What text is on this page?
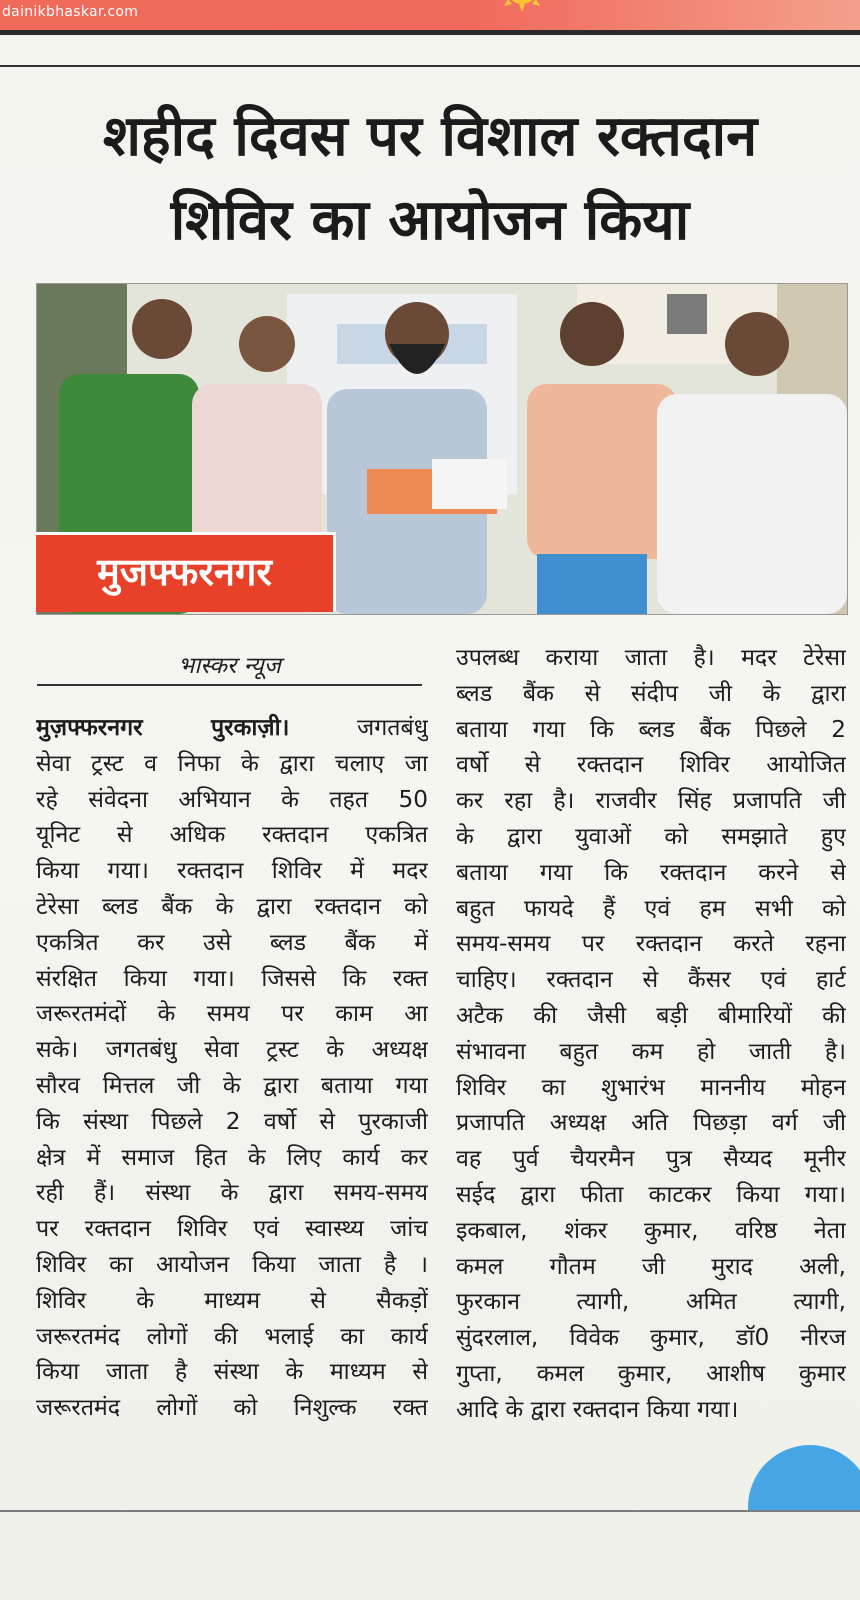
dainikbhaskar.com
शहीद दिवस पर विशाल रक्तदान
शिविर का आयोजन किया
मुजफ्फरनगर
भास्कर न्यूज
मुज़फ्फरनगर पुरकाज़ी।	जगतबंधु
सेवा ट्रस्ट व निफा के द्वारा चलाए जा
रहे संवेदना अभियान के तहत 50
यूनिट से अधिक रक्तदान एकत्रित
किया गया। रक्तदान शिविर में मदर
टेरेसा ब्लड बैंक के द्वारा रक्तदान को
एकत्रित कर उसे ब्लड बैंक में
संरक्षित किया गया। जिससे कि रक्त
जरूरतमंदों के समय पर काम आ
सके। जगतबंधु सेवा ट्रस्ट के अध्यक्ष
सौरव मित्तल जी के द्वारा बताया गया
कि संस्था पिछले 2 वर्षो से पुरकाजी
क्षेत्र में समाज हित के लिए कार्य कर
रही हैं। संस्था के द्वारा समय-समय
पर रक्तदान शिविर एवं स्वास्थ्य जांच
शिविर का आयोजन किया जाता है ।
शिविर के माध्यम से सैकड़ों
जरूरतमंद लोगों की भलाई का कार्य
किया जाता है संस्था के माध्यम से
जरूरतमंद लोगों को निशुल्क रक्त
उपलब्ध कराया जाता है। मदर टेरेसा
ब्लड बैंक से संदीप जी के द्वारा
बताया गया कि ब्लड बैंक पिछले 2
वर्षो से रक्तदान शिविर आयोजित
कर रहा है। राजवीर सिंह प्रजापति जी
के द्वारा युवाओं को समझाते हुए
बताया गया कि रक्तदान करने से
बहुत फायदे हैं एवं हम सभी को
समय-समय पर रक्तदान करते रहना
चाहिए। रक्तदान से कैंसर एवं हार्ट
अटैक की जैसी बड़ी बीमारियों की
संभावना बहुत कम हो जाती है।
शिविर का शुभारंभ माननीय मोहन
प्रजापति अध्यक्ष अति पिछड़ा वर्ग जी
वह पुर्व चैयरमैन पुत्र सैय्यद मूनीर
सईद द्वारा फीता काटकर किया गया।
इकबाल, शंकर कुमार, वरिष्ठ नेता
कमल गौतम जी मुराद अली,
फुरकान त्यागी, अमित त्यागी,
सुंदरलाल, विवेक कुमार, डॉ0 नीरज
गुप्ता, कमल कुमार, आशीष कुमार
आदि के द्वारा रक्तदान किया गया।
